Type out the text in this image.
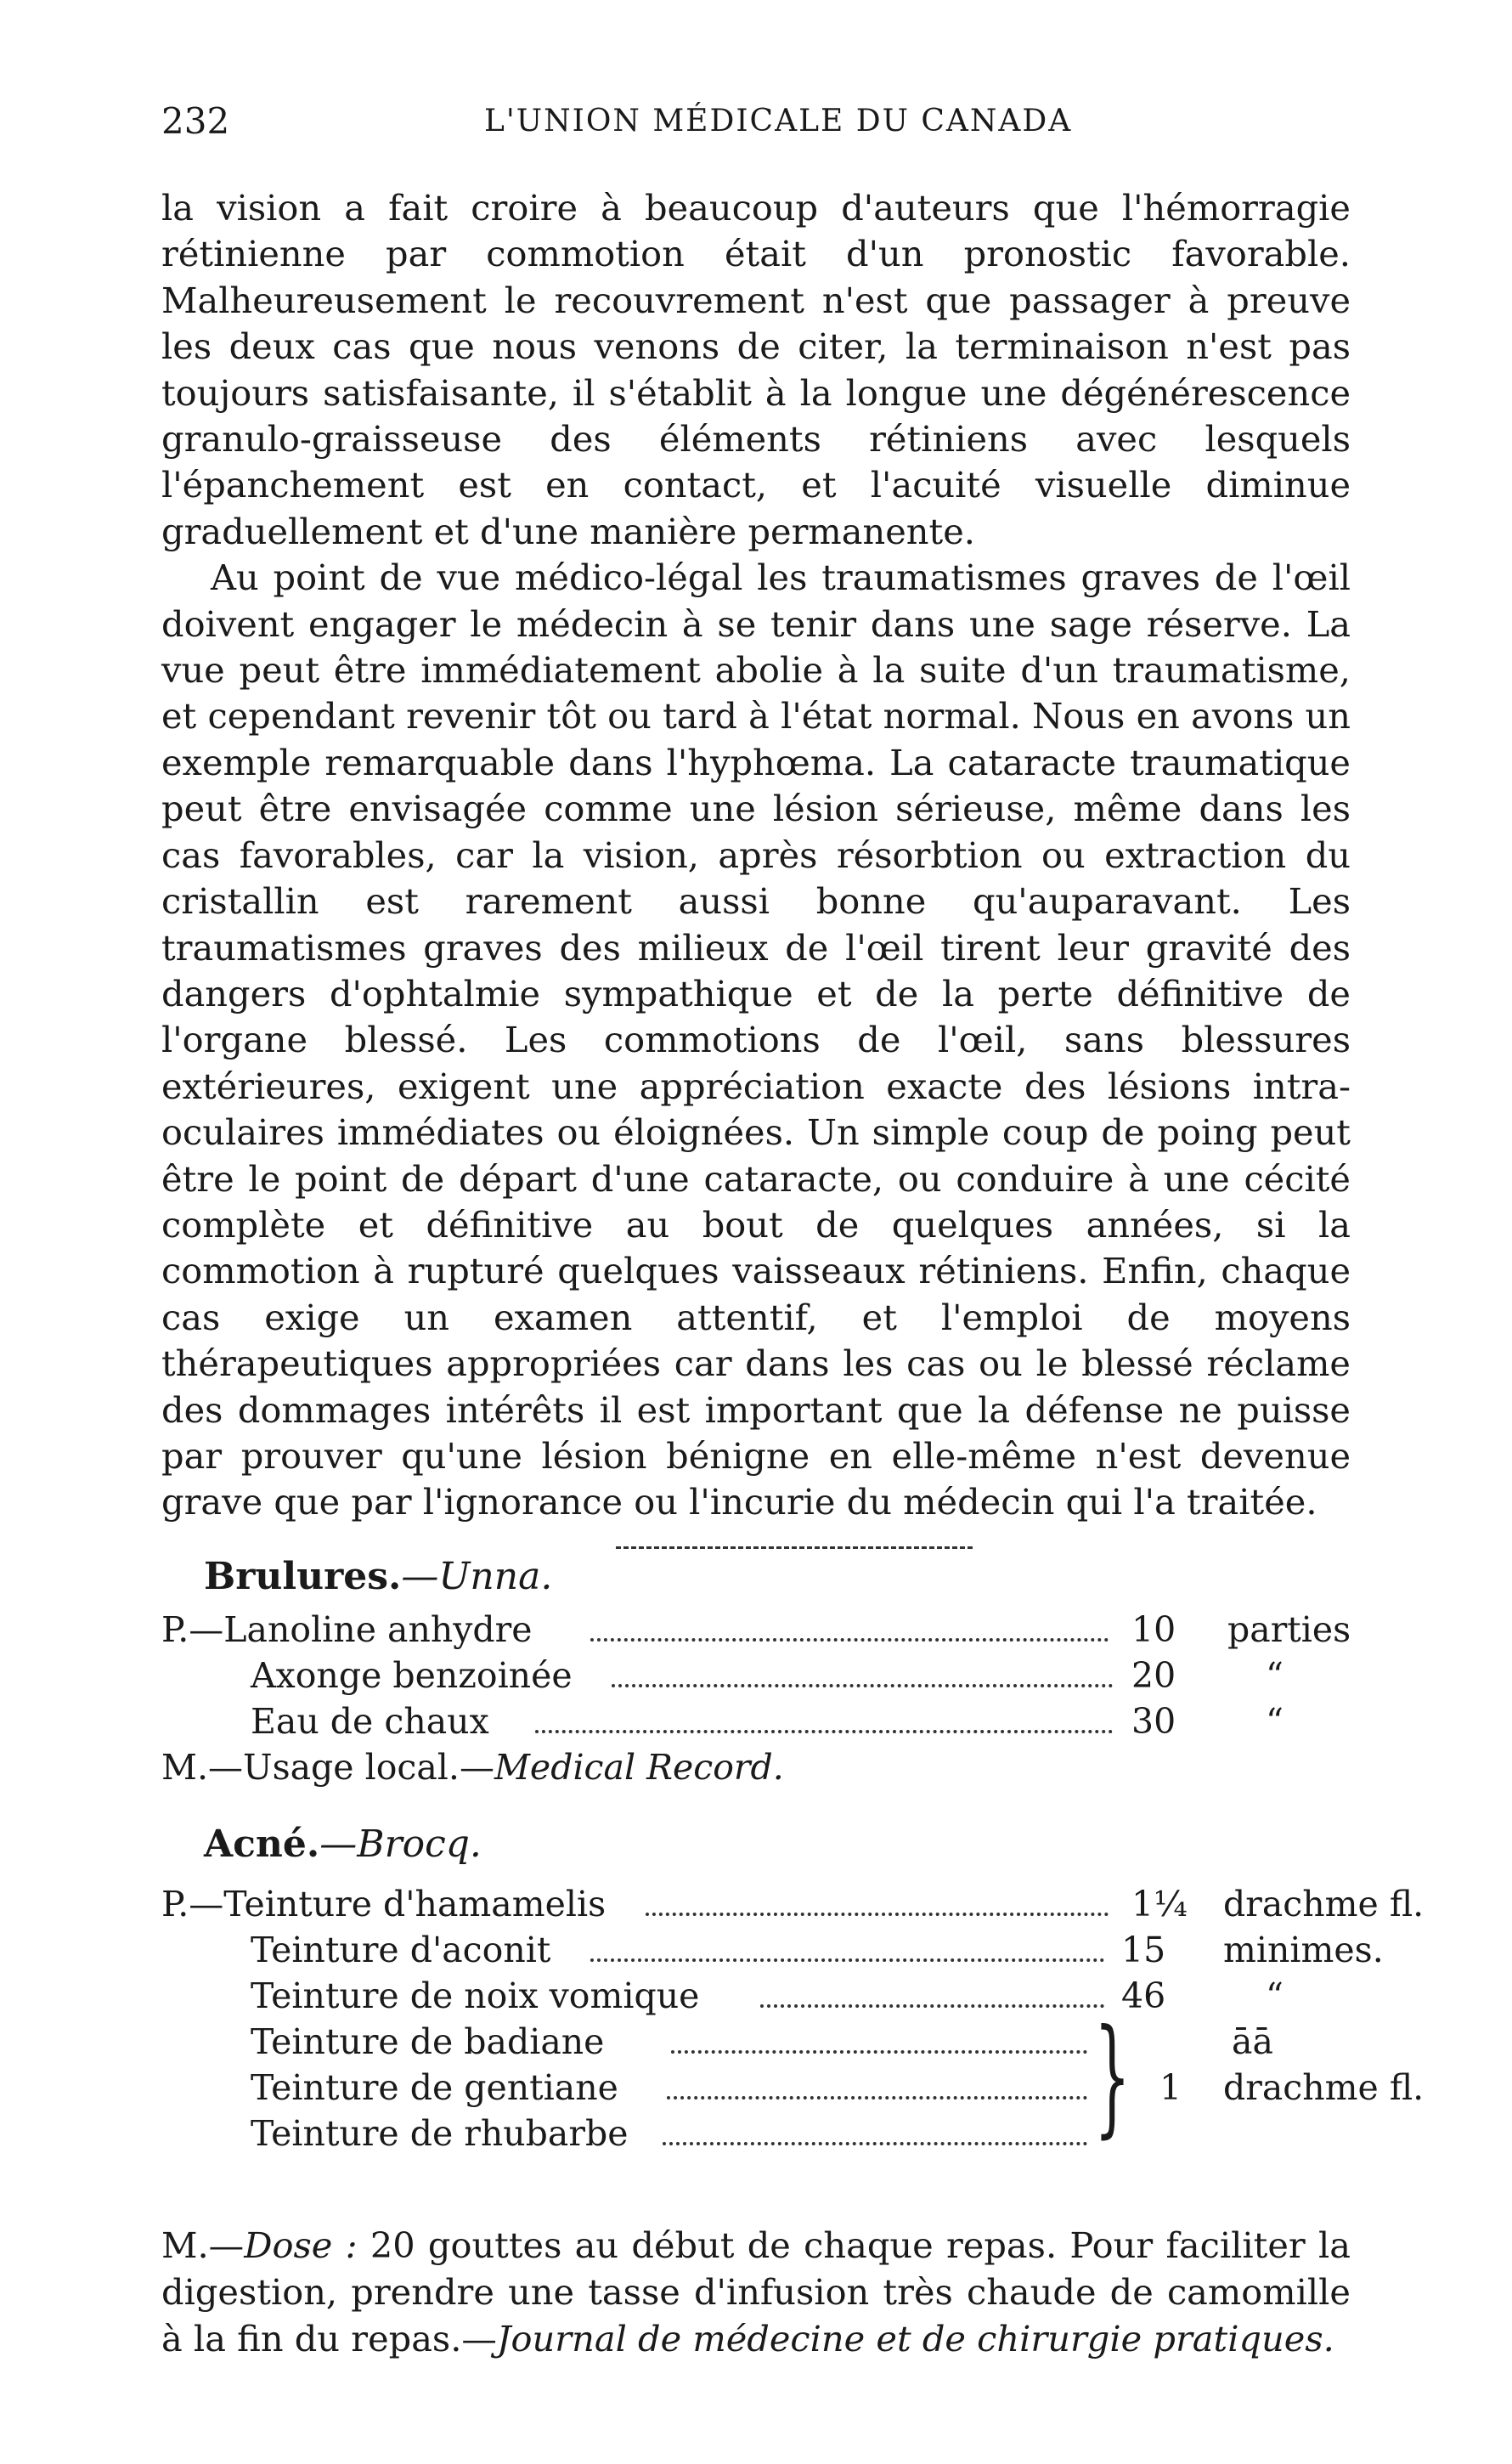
232	L'UNION MÉDICALE DU CANADA

la vision a fait croire à beaucoup d'auteurs que l'hémorragie rétinienne par commotion était d'un pronostic favorable. Malheureusement le recouvrement n'est que passager à preuve les deux cas que nous venons de citer, la terminaison n'est pas toujours satisfaisante, il s'établit à la longue une dégénérescence granulo-graisseuse des éléments rétiniens avec lesquels l'épanchement est en contact, et l'acuité visuelle diminue graduellement et d'une manière permanente.

Au point de vue médico-légal les traumatismes graves de l'œil doivent engager le médecin à se tenir dans une sage réserve. La vue peut être immédiatement abolie à la suite d'un traumatisme, et cependant revenir tôt ou tard à l'état normal. Nous en avons un exemple remarquable dans l'hyphœma. La cataracte traumatique peut être envisagée comme une lésion sérieuse, même dans les cas favorables, car la vision, après résorbtion ou extraction du cristallin est rarement aussi bonne qu'auparavant. Les traumatismes graves des milieux de l'œil tirent leur gravité des dangers d'ophtalmie sympathique et de la perte définitive de l'organe blessé. Les commotions de l'œil, sans blessures extérieures, exigent une appréciation exacte des lésions intra-oculaires immédiates ou éloignées. Un simple coup de poing peut être le point de départ d'une cataracte, ou conduire à une cécité complète et définitive au bout de quelques années, si la commotion à rupturé quelques vaisseaux rétiniens. Enfin, chaque cas exige un examen attentif, et l'emploi de moyens thérapeutiques appropriées car dans les cas ou le blessé réclame des dommages intérêts il est important que la défense ne puisse par prouver qu'une lésion bénigne en elle-même n'est devenue grave que par l'ignorance ou l'incurie du médecin qui l'a traitée.

Brulures.—Unna.
P.—Lanoline anhydre	10 parties
Axonge benzoinée	20	“
Eau de chaux	30	“
M.—Usage local.—Medical Record.
Acné.—Brocq.
P.—Teinture d'hamamelis	1¼ drachme fl.
Teinture d'aconit	15 minimes.
Teinture de noix vomique	46	“
Teinture de badiane	āā
Teinture de gentiane	1 drachme fl.
Teinture de rhubarbe	}

M.—Dose : 20 gouttes au début de chaque repas. Pour faciliter la digestion, prendre une tasse d'infusion très chaude de camomille à la fin du repas.—Journal de médecine et de chirurgie pratiques.
